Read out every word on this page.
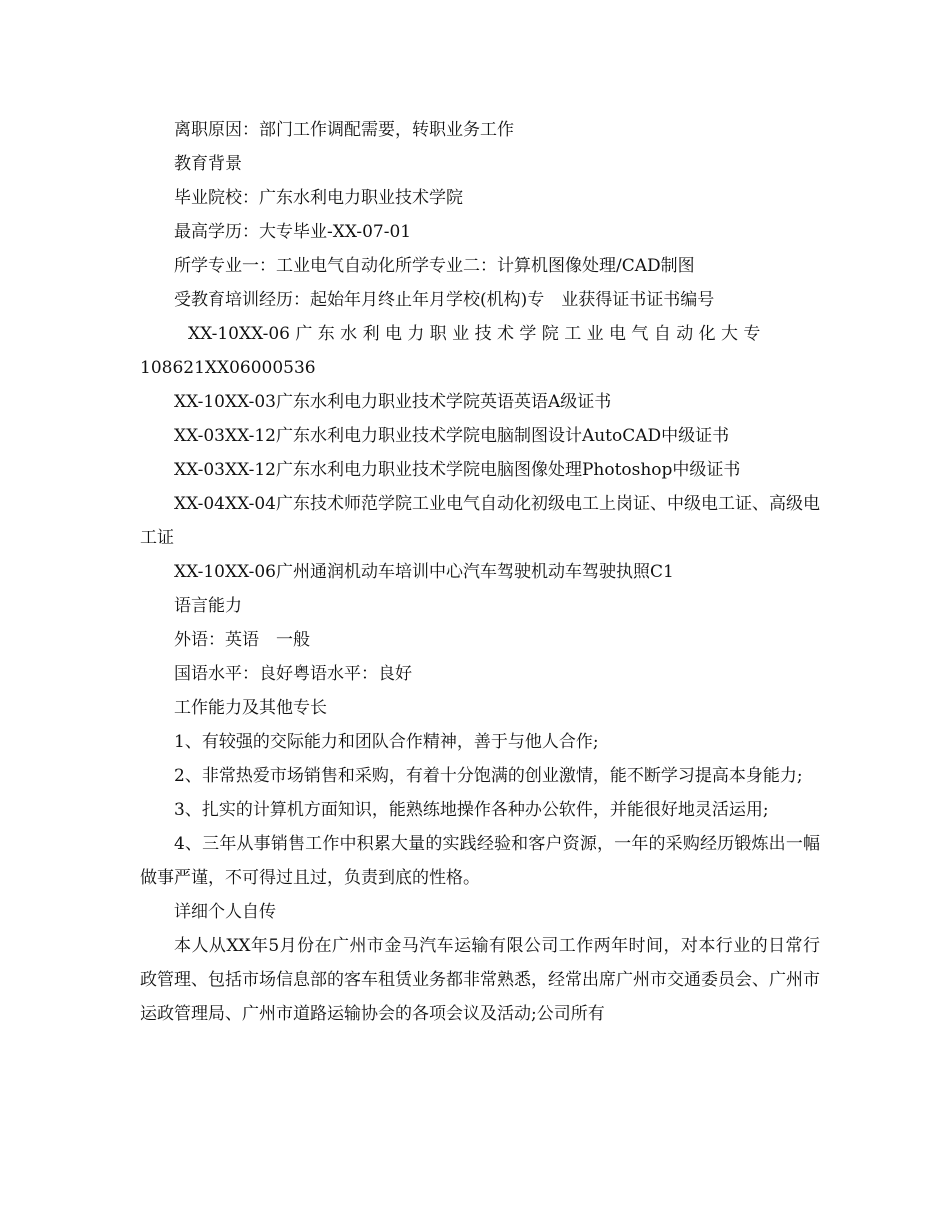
离职原因：部门工作调配需要，转职业务工作

教育背景

毕业院校：广东水利电力职业技术学院

最高学历：大专毕业-XX-07-01

所学专业一：工业电气自动化所学专业二：计算机图像处理/CAD制图

受教育培训经历：起始年月终止年月学校(机构)专　业获得证书证书编号

XX-10XX-06 广 东 水 利 电 力 职 业 技 术 学 院 工 业 电 气 自 动 化 大 专

108621XX06000536

XX-10XX-03广东水利电力职业技术学院英语英语A级证书

XX-03XX-12广东水利电力职业技术学院电脑制图设计AutoCAD中级证书

XX-03XX-12广东水利电力职业技术学院电脑图像处理Photoshop中级证书

XX-04XX-04广东技术师范学院工业电气自动化初级电工上岗证、中级电工证、高级电工证

XX-10XX-06广州通润机动车培训中心汽车驾驶机动车驾驶执照C1

语言能力

外语：英语　一般

国语水平：良好粤语水平：良好

工作能力及其他专长

1、有较强的交际能力和团队合作精神，善于与他人合作;

2、非常热爱市场销售和采购，有着十分饱满的创业激情，能不断学习提高本身能力;

3、扎实的计算机方面知识，能熟练地操作各种办公软件，并能很好地灵活运用;

4、三年从事销售工作中积累大量的实践经验和客户资源，一年的采购经历锻炼出一幅做事严谨，不可得过且过，负责到底的性格。

详细个人自传

本人从XX年5月份在广州市金马汽车运输有限公司工作两年时间，对本行业的日常行政管理、包括市场信息部的客车租赁业务都非常熟悉，经常出席广州市交通委员会、广州市运政管理局、广州市道路运输协会的各项会议及活动;公司所有
